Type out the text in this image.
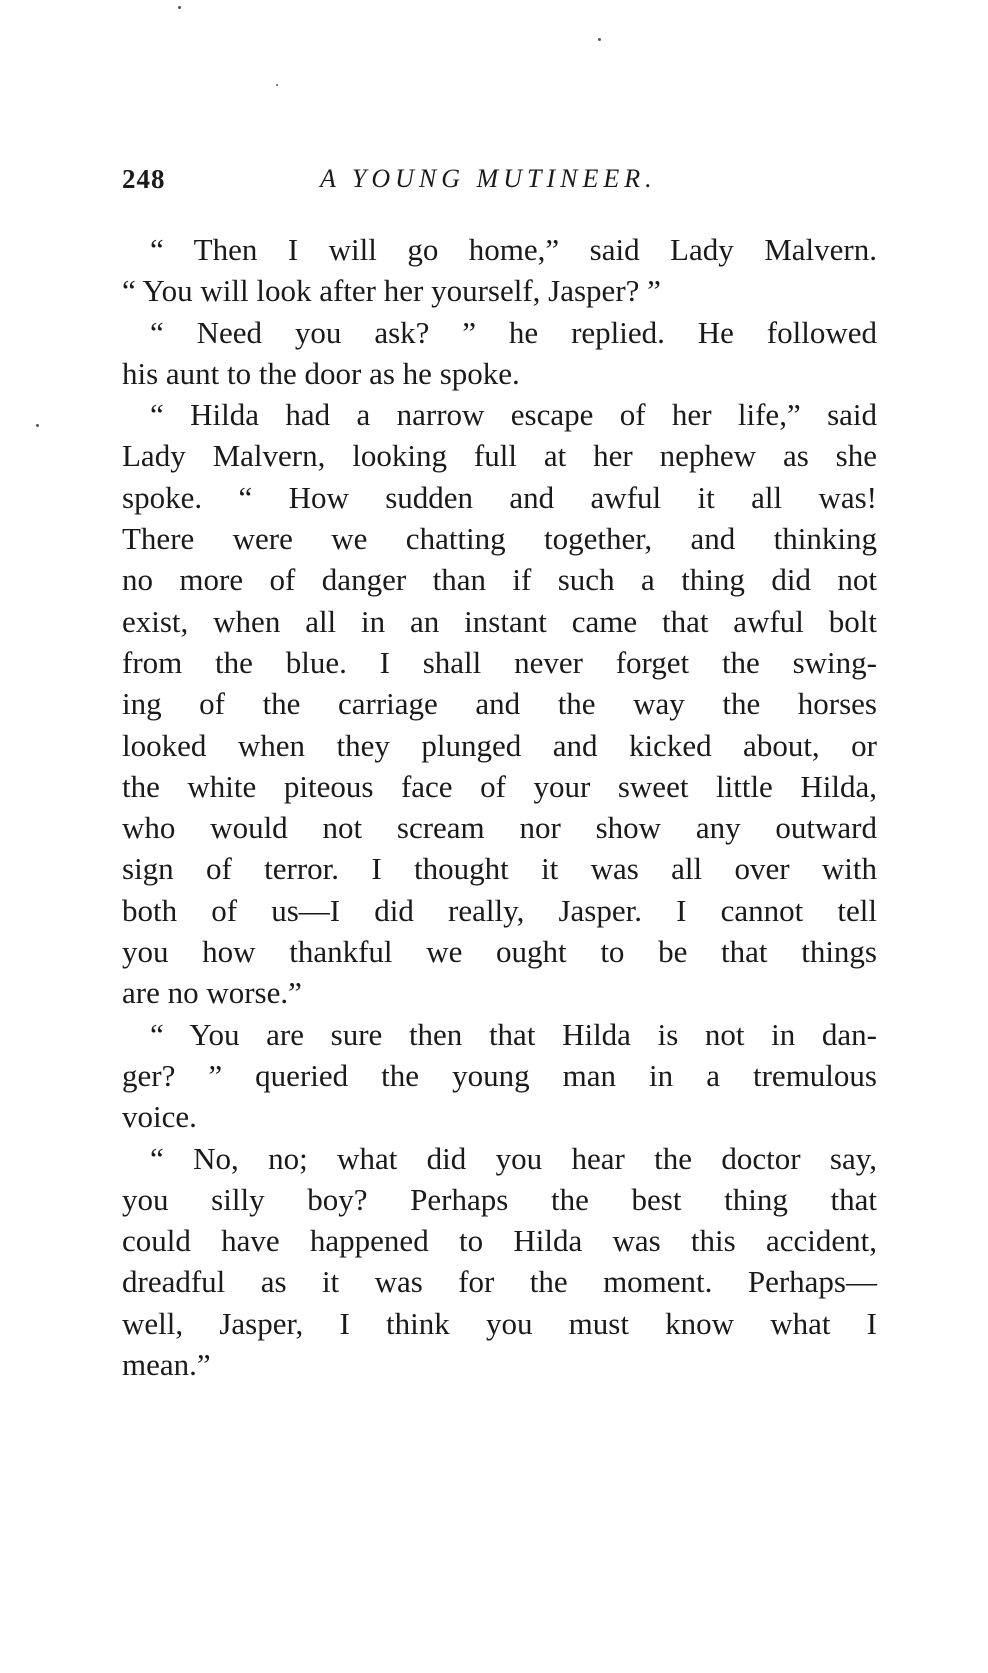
248	A YOUNG MUTINEER.
“ Then I will go home,” said Lady Malvern.
“ You will look after her yourself, Jasper? ”
“ Need you ask? ” he replied. He followed
his aunt to the door as he spoke.
“ Hilda had a narrow escape of her life,” said
Lady Malvern, looking full at her nephew as she
spoke. “ How sudden and awful it all was!
There were we chatting together, and thinking
no more of danger than if such a thing did not
exist, when all in an instant came that awful bolt
from the blue. I shall never forget the swing-
ing of the carriage and the way the horses
looked when they plunged and kicked about, or
the white piteous face of your sweet little Hilda,
who would not scream nor show any outward
sign of terror. I thought it was all over with
both of us—I did really, Jasper. I cannot tell
you how thankful we ought to be that things
are no worse.”
“ You are sure then that Hilda is not in dan-
ger? ” queried the young man in a tremulous
voice.
“ No, no; what did you hear the doctor say,
you silly boy? Perhaps the best thing that
could have happened to Hilda was this accident,
dreadful as it was for the moment. Perhaps—
well, Jasper, I think you must know what I
mean.”
